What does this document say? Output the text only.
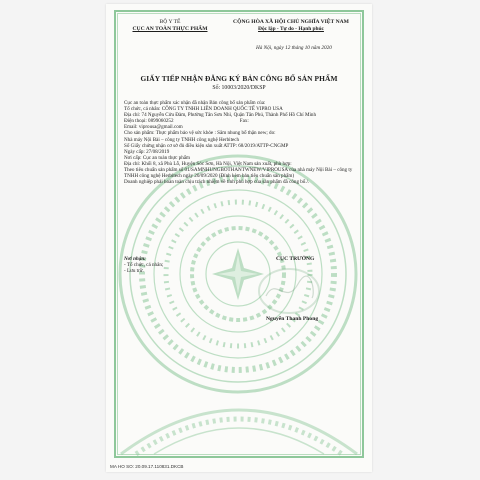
BỘ Y TẾ
CỤC AN TOÀN THỰC PHẨM
CỘNG HÒA XÃ HỘI CHỦ NGHĨA VIỆT NAM
Độc lập - Tự do - Hạnh phúc
Hà Nội, ngày 12 tháng 10 năm 2020
GIẤY TIẾP NHẬN ĐĂNG KÝ BẢN CÔNG BỐ SẢN PHẨM
Số: 10003/2020/DKSP

Cục an toàn thực phẩm xác nhận đã nhận Bản công bố sản phẩm của:

Tổ chức, cá nhân: CÔNG TY TNHH LIÊN DOANH QUỐC TẾ VIPRO USA

Địa chỉ: 74 Nguyễn Cửu Đàm, Phường Tân Sơn Nhì, Quận Tân Phú, Thành Phố Hồ Chí Minh

Điện thoại: 0899060252                                                    Fax:

Email: viprousa@gmail.com

Cho sản phẩm: Thực phẩm bảo vệ sức khỏe : Sâm nhung bổ thận new; do:

Nhà máy Nội Bài – công ty TNHH công nghệ Herbitech

Số Giấy chứng nhận cơ sở đủ điều kiện sản xuất ATTP: 68/2019/ATTP-CNGMP

Ngày cấp: 27/08/2019

Nơi cấp: Cục an toàn thực phẩm

Địa chỉ: Khối 8, xã Phù Lỗ, Huyện Sóc Sơn, Hà Nội, Việt Nam sản xuất, phù hợp:

Theo tiêu chuẩn sản phẩm số 01/SAMNHUNGBOTHANTWNEW/VIPROUSA của nhà máy Nội Bài – công ty TNHH công nghệ Herbitech ngày 20/09/2020 (Đính kèm bản tiêu chuẩn sản phẩm)

Doanh nghiệp phải hoàn toàn chịu trách nhiệm về tính phù hợp của sản phẩm đã công bố./.

Nơi nhận:
- Tổ chức, cá nhân;
- Lưu trữ.
CỤC TRƯỞNG
Nguyễn Thanh Phong
MA HO SO: 20.09.17.110831.DKCB
